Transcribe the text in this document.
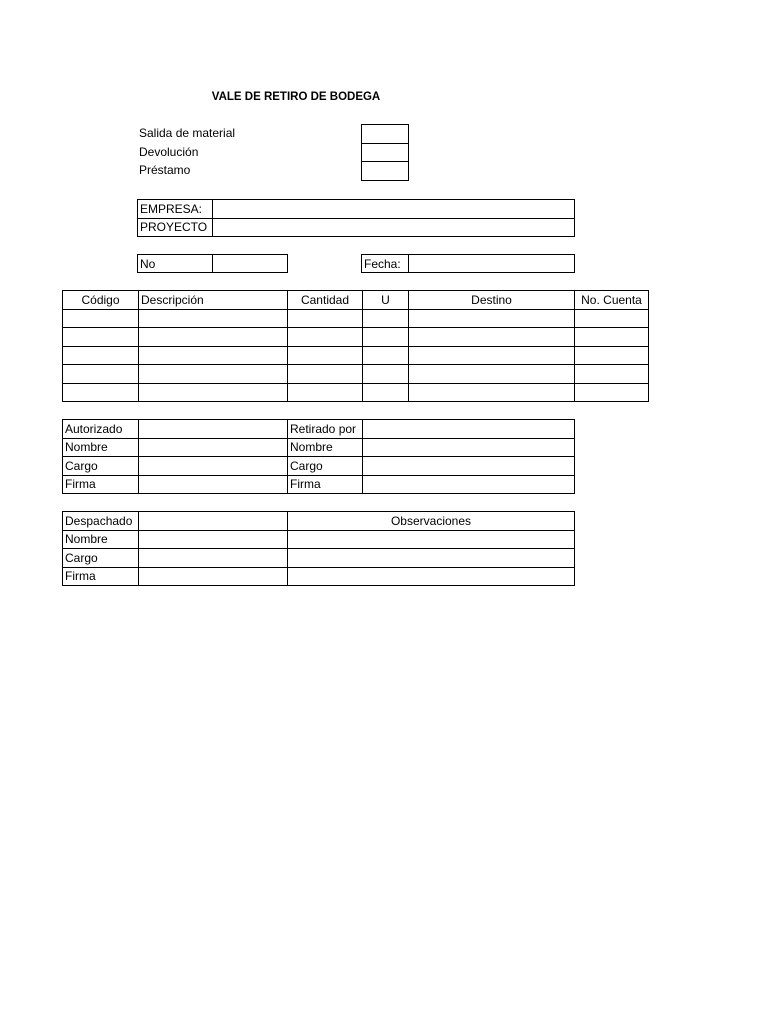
VALE DE RETIRO DE BODEGA
Salida de material
Devolución
Préstamo

EMPRESA:	
PROYECTO	
No		Fecha:	
Código	Descripción	Cantidad	U	Destino	No. Cuenta

Autorizado		Retirado por	
Nombre		Nombre	
Cargo		Cargo	
Firma		Firma	
Despachado		Observaciones
Nombre		
Cargo		
Firma		
